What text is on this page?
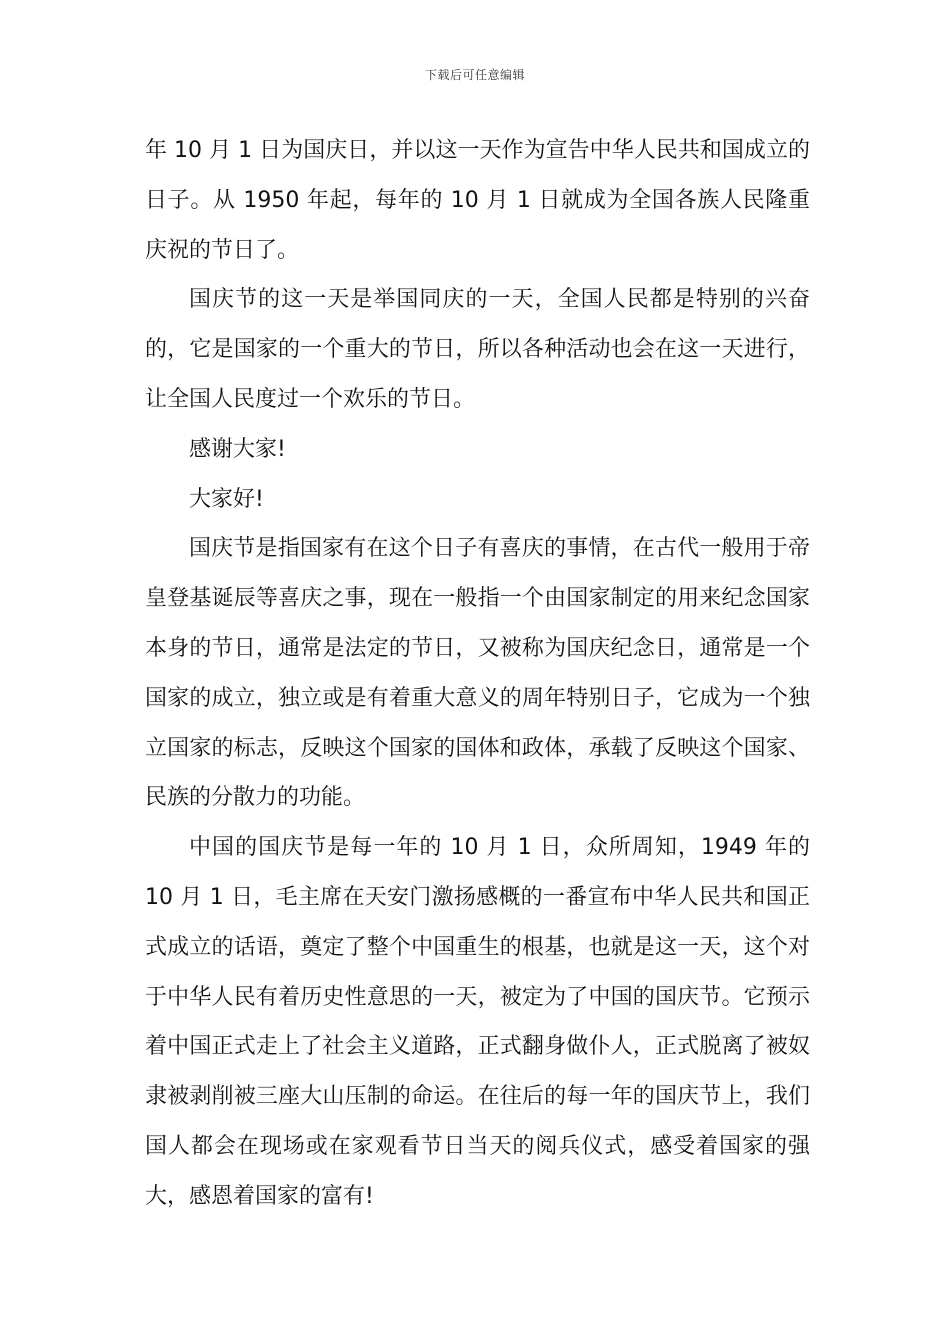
下载后可任意编辑

年 10 月 1 日为国庆日，并以这一天作为宣告中华人民共和国成立的日子。从 1950 年起，每年的 10 月 1 日就成为全国各族人民隆重庆祝的节日了。

国庆节的这一天是举国同庆的一天，全国人民都是特别的兴奋的，它是国家的一个重大的节日，所以各种活动也会在这一天进行，让全国人民度过一个欢乐的节日。

感谢大家!

大家好!

国庆节是指国家有在这个日子有喜庆的事情，在古代一般用于帝皇登基诞辰等喜庆之事，现在一般指一个由国家制定的用来纪念国家本身的节日，通常是法定的节日，又被称为国庆纪念日，通常是一个国家的成立，独立或是有着重大意义的周年特别日子，它成为一个独立国家的标志，反映这个国家的国体和政体，承载了反映这个国家、民族的分散力的功能。

中国的国庆节是每一年的 10 月 1 日，众所周知，1949 年的 10 月 1 日，毛主席在天安门激扬感概的一番宣布中华人民共和国正式成立的话语，奠定了整个中国重生的根基，也就是这一天，这个对于中华人民有着历史性意思的一天，被定为了中国的国庆节。它预示着中国正式走上了社会主义道路，正式翻身做仆人，正式脱离了被奴隶被剥削被三座大山压制的命运。在往后的每一年的国庆节上，我们国人都会在现场或在家观看节日当天的阅兵仪式，感受着国家的强大，感恩着国家的富有!
